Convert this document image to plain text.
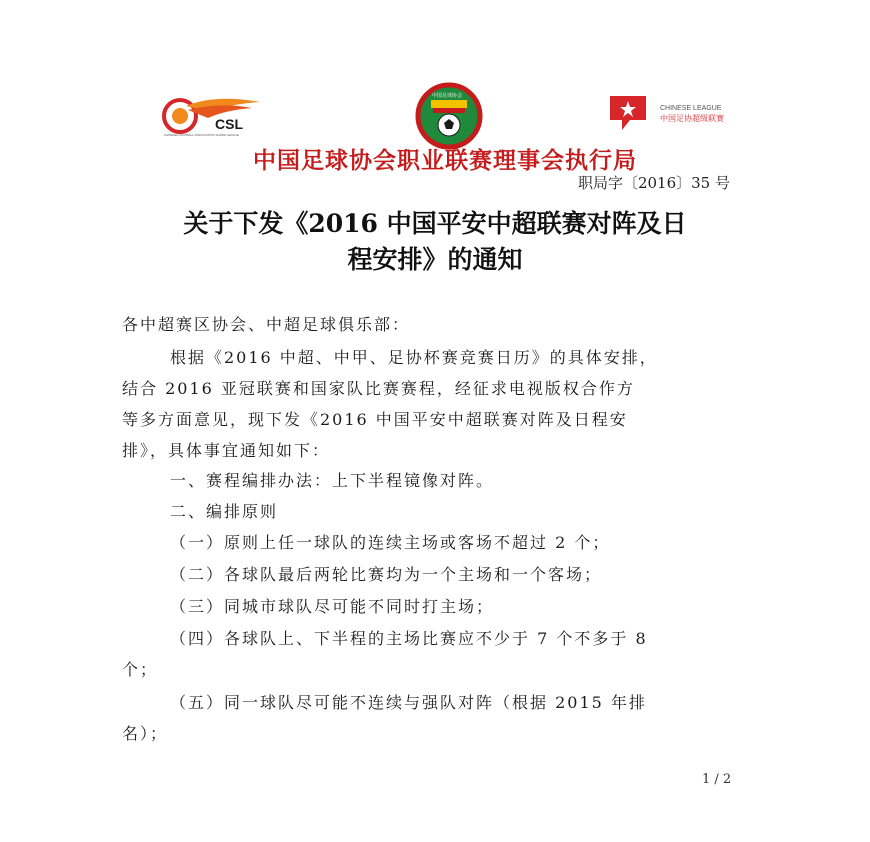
CSL
CHINESE FOOTBALL ASSOCIATION SUPER LEAGUE
中国足球协会
CHINESE LEAGUE
中国足协超级联赛
中国足球协会职业联赛理事会执行局
职局字〔2016〕35 号
关于下发《2016 中国平安中超联赛对阵及日
程安排》的通知
各中超赛区协会、中超足球俱乐部：
根据《2016 中超、中甲、足协杯赛竞赛日历》的具体安排，
结合 2016 亚冠联赛和国家队比赛赛程，经征求电视版权合作方
等多方面意见，现下发《2016 中国平安中超联赛对阵及日程安
排》，具体事宜通知如下：
一、赛程编排办法：上下半程镜像对阵。
二、编排原则
（一）原则上任一球队的连续主场或客场不超过 2 个；
（二）各球队最后两轮比赛均为一个主场和一个客场；
（三）同城市球队尽可能不同时打主场；
（四）各球队上、下半程的主场比赛应不少于 7 个不多于 8
个；
（五）同一球队尽可能不连续与强队对阵（根据 2015 年排
名）；
1 / 2
